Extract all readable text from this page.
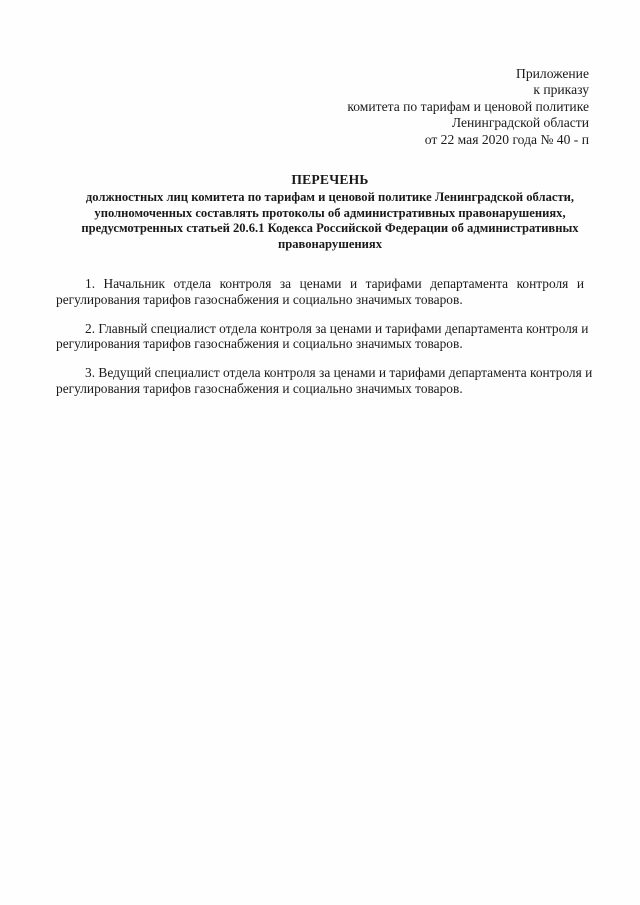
Приложение
к приказу
комитета по тарифам и ценовой политике
Ленинградской области
от 22 мая 2020 года № 40 - п
ПЕРЕЧЕНЬ
должностных лиц комитета по тарифам и ценовой политике Ленинградской области,
уполномоченных составлять протоколы об административных правонарушениях,
предусмотренных статьей 20.6.1 Кодекса Российской Федерации об административных
правонарушениях
1. Начальник отдела контроля за ценами и тарифами департамента контроля и
регулирования тарифов газоснабжения и социально значимых товаров.
2. Главный специалист отдела контроля за ценами и тарифами департамента контроля и
регулирования тарифов газоснабжения и социально значимых товаров.
3. Ведущий специалист отдела контроля за ценами и тарифами департамента контроля и
регулирования тарифов газоснабжения и социально значимых товаров.
